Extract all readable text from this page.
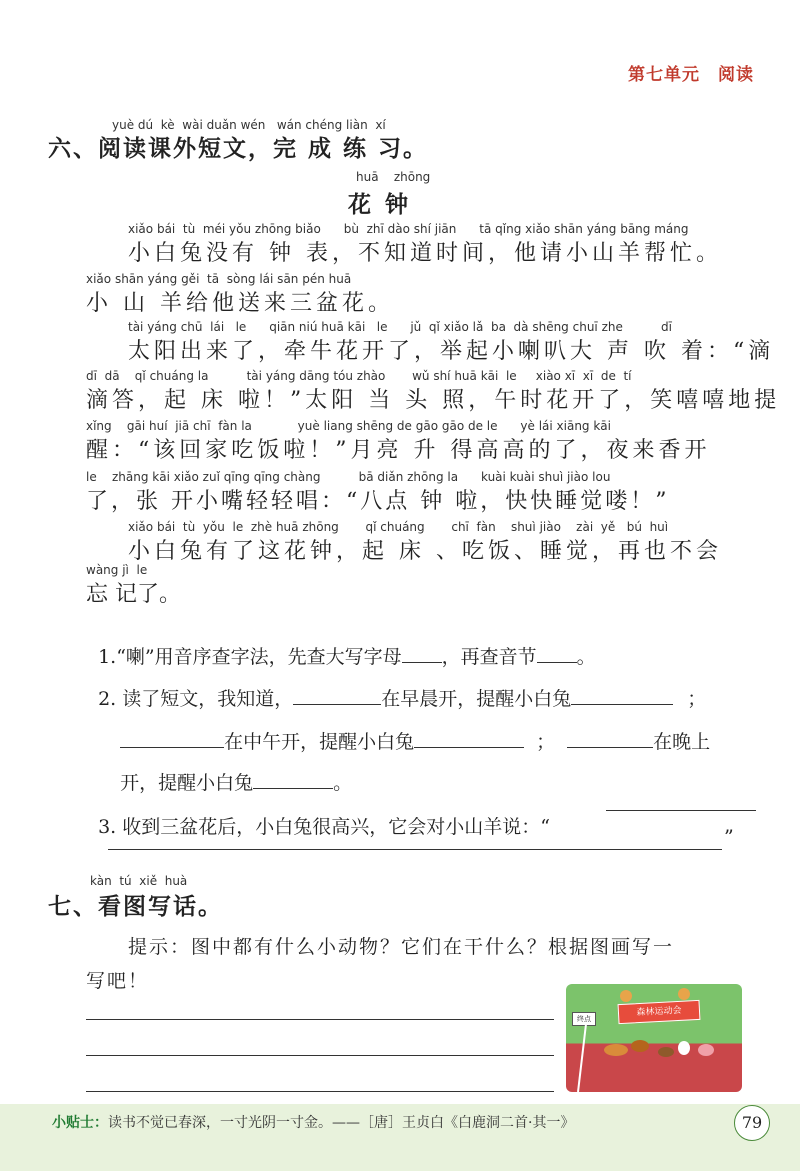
第七单元　阅读
yuè dú  kè  wài duǎn wén   wán chéng liàn  xí
六、阅读课外短文，完 成 练 习。
huā    zhōng
花钟
xiǎo bái  tù  méi yǒu zhōng biǎo      bù  zhī dào shí jiān      tā qǐng xiǎo shān yáng bāng máng
小白兔没有 钟 表，不知道时间，他请小山羊帮忙。
xiǎo shān yáng gěi  tā  sòng lái sān pén huā
小 山 羊给他送来三盆花。
tài yáng chū  lái   le      qiān niú huā kāi   le      jǔ  qǐ xiǎo lǎ  ba  dà shēng chuī zhe          dī
太阳出来了，牵牛花开了，举起小喇叭大 声 吹 着：“滴
dī  dā    qǐ chuáng la          tài yáng dāng tóu zhào       wǔ shí huā kāi  le     xiào xī  xī  de  tí
滴答，起 床 啦！”太阳 当 头 照，午时花开了，笑嘻嘻地提
xǐng    gāi huí  jiā chī  fàn la            yuè liang shēng de gāo gāo de le      yè lái xiāng kāi
醒：“该回家吃饭啦！”月亮 升 得高高的了，夜来香开
le    zhāng kāi xiǎo zuǐ qīng qīng chàng          bā diǎn zhōng la      kuài kuài shuì jiào lou
了，张 开小嘴轻轻唱：“八点 钟 啦，快快睡觉喽！”
xiǎo bái  tù  yǒu  le  zhè huā zhōng       qǐ chuáng       chī  fàn    shuì jiào    zài  yě   bú  huì
小白兔有了这花钟，起 床 、吃饭、睡觉，再也不会
wàng jì  le
忘 记了。

1.“喇”用音序查字法，先查大写字母 ，再查音节 。

2. 读了短文，我知道，	在早晨开，提醒小白兔	；

在中午开，提醒小白兔	；	在晚上

开，提醒小白兔	。

3. 收到三盆花后，小白兔很高兴，它会对小山羊说：“	”
kàn  tú  xiě  huà
七、看图写话。
提示：图中都有什么小动物？它们在干什么？根据图画写一
写吧！
森林运动会
终点
小贴士：读书不觉已春深，一寸光阴一寸金。——［唐］王贞白《白鹿洞二首·其一》	79
